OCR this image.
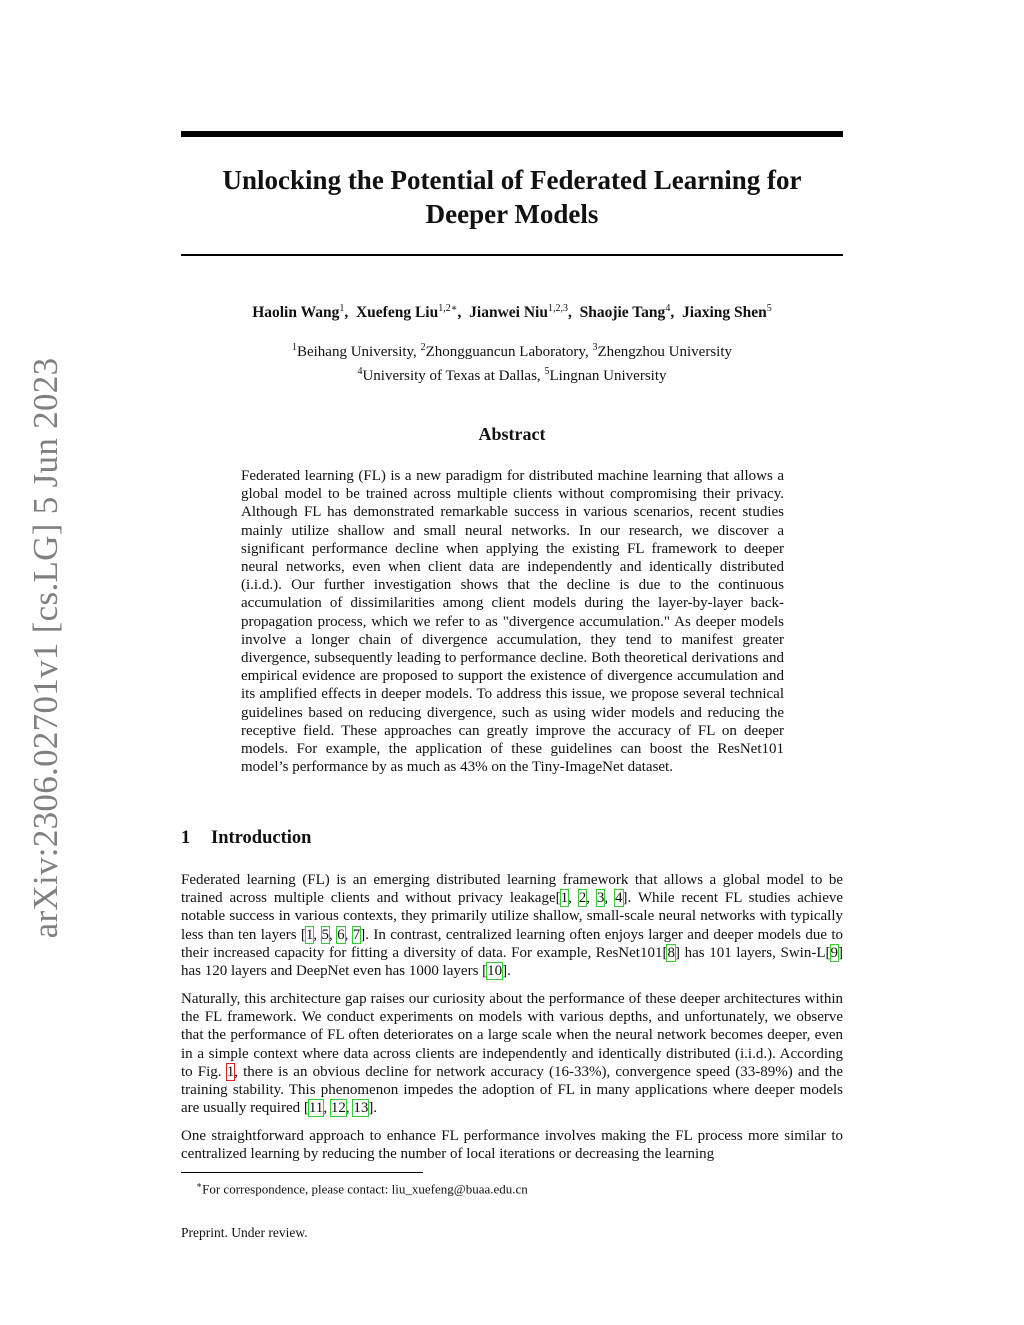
arXiv:2306.02701v1 [cs.LG] 5 Jun 2023
Unlocking the Potential of Federated Learning for
Deeper Models
Haolin Wang$^1$,  Xuefeng Liu$^{1,2∗}$,  Jianwei Niu$^{1,2,3}$,  Shaojie Tang$^4$,  Jiaxing Shen$^5$
$^1$Beihang University, $^2$Zhongguancun Laboratory, $^3$Zhengzhou University
$^4$University of Texas at Dallas, $^5$Lingnan University
Abstract

Federated learning (FL) is a new paradigm for distributed machine learning that allows a global model to be trained across multiple clients without compromising their privacy. Although FL has demonstrated remarkable success in various scenarios, recent studies mainly utilize shallow and small neural networks. In our research, we discover a significant performance decline when applying the existing FL framework to deeper neural networks, even when client data are independently and identically distributed (i.i.d.). Our further investigation shows that the decline is due to the continuous accumulation of dissimilarities among client models during the layer-by-layer back-propagation process, which we refer to as "divergence accumulation." As deeper models involve a longer chain of divergence accumulation, they tend to manifest greater divergence, subsequently leading to performance decline. Both theoretical derivations and empirical evidence are proposed to support the existence of divergence accumulation and its amplified effects in deeper models. To address this issue, we propose several technical guidelines based on reducing divergence, such as using wider models and reducing the receptive field. These approaches can greatly improve the accuracy of FL on deeper models. For example, the application of these guidelines can boost the ResNet101 model’s performance by as much as 43% on the Tiny-ImageNet dataset.

1 Introduction

Federated learning (FL) is an emerging distributed learning framework that allows a global model to be trained across multiple clients and without privacy leakage[1, 2, 3, 4]. While recent FL studies achieve notable success in various contexts, they primarily utilize shallow, small-scale neural networks with typically less than ten layers [1, 5, 6, 7]. In contrast, centralized learning often enjoys larger and deeper models due to their increased capacity for fitting a diversity of data. For example, ResNet101[8] has 101 layers, Swin-L[9] has 120 layers and DeepNet even has 1000 layers [10].

Naturally, this architecture gap raises our curiosity about the performance of these deeper architectures within the FL framework. We conduct experiments on models with various depths, and unfortunately, we observe that the performance of FL often deteriorates on a large scale when the neural network becomes deeper, even in a simple context where data across clients are independently and identically distributed (i.i.d.). According to Fig. 1, there is an obvious decline for network accuracy (16-33%), convergence speed (33-89%) and the training stability. This phenomenon impedes the adoption of FL in many applications where deeper models are usually required [11, 12, 13].

One straightforward approach to enhance FL performance involves making the FL process more similar to centralized learning by reducing the number of local iterations or decreasing the learning

∗For correspondence, please contact: liu_xuefeng@buaa.edu.cn
Preprint. Under review.
